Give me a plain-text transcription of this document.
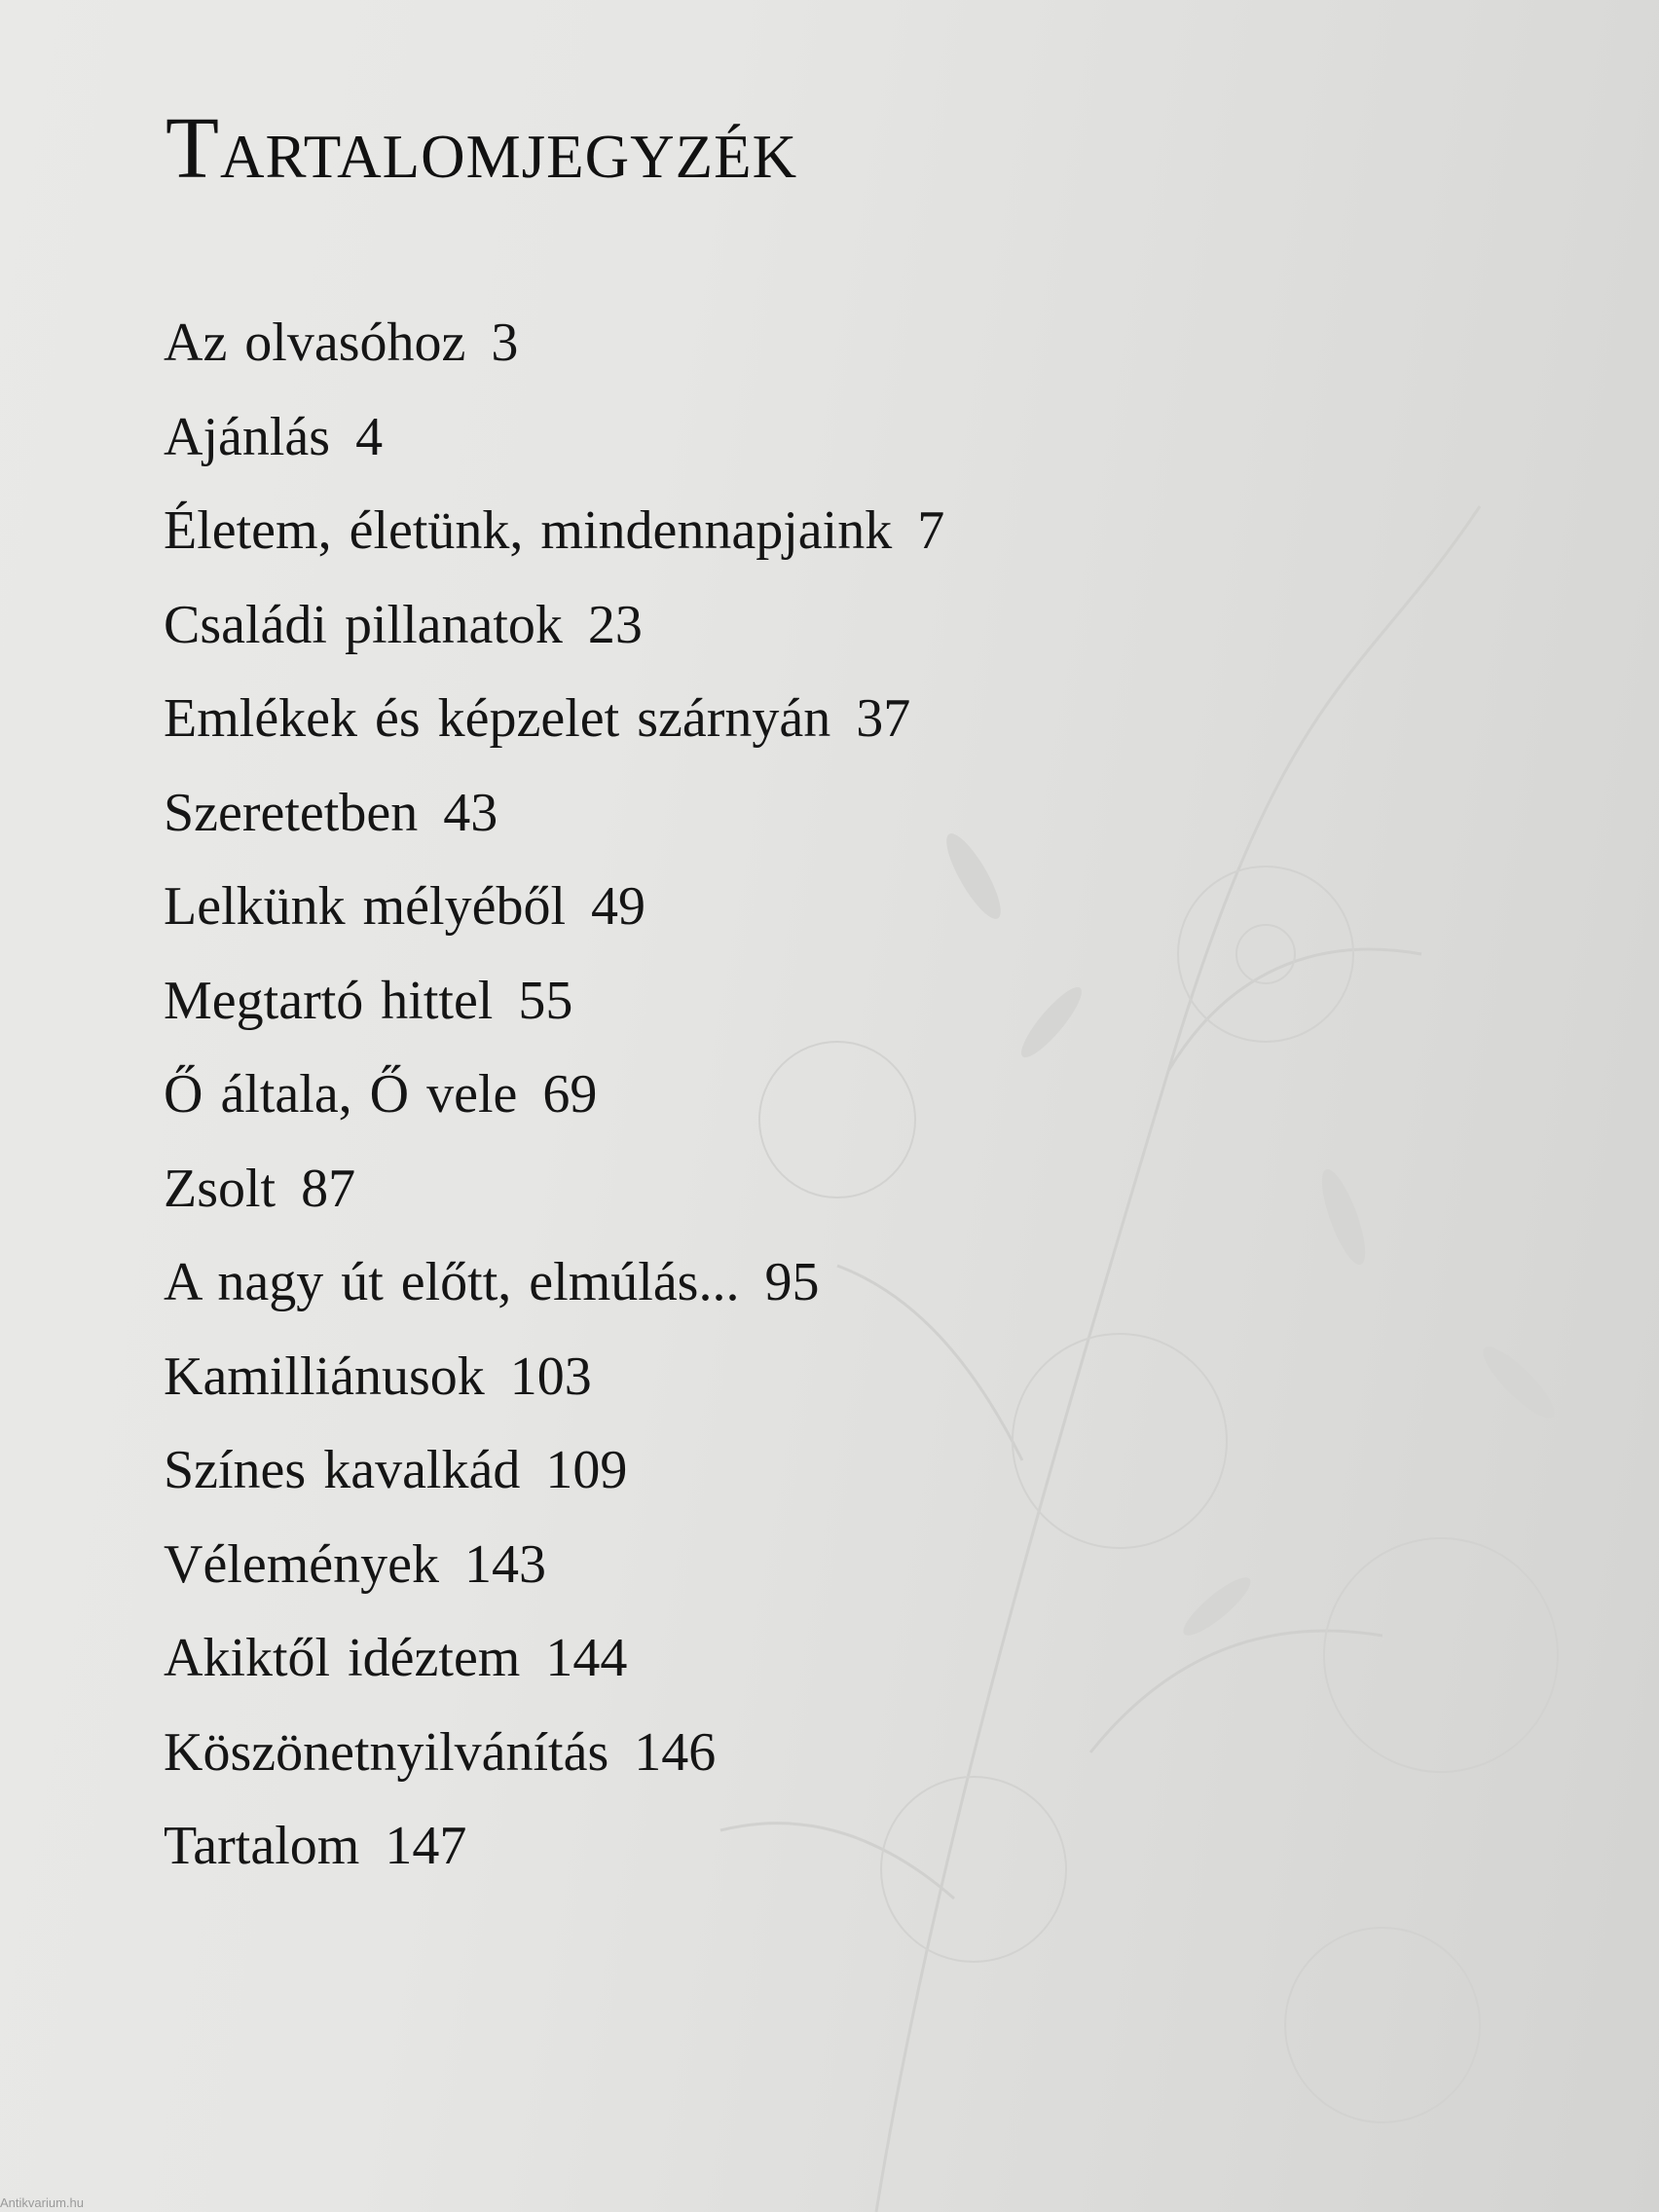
Tartalomjegyzék
Az olvasóhoz 3
Ajánlás 4
Életem, életünk, mindennapjaink 7
Családi pillanatok 23
Emlékek és képzelet szárnyán 37
Szeretetben 43
Lelkünk mélyéből 49
Megtartó hittel 55
Ő általa, Ő vele 69
Zsolt 87
A nagy út előtt, elmúlás... 95
Kamilliánusok 103
Színes kavalkád 109
Vélemények 143
Akiktől idéztem 144
Köszönetnyilvánítás 146
Tartalom 147
Antikvarium.hu
